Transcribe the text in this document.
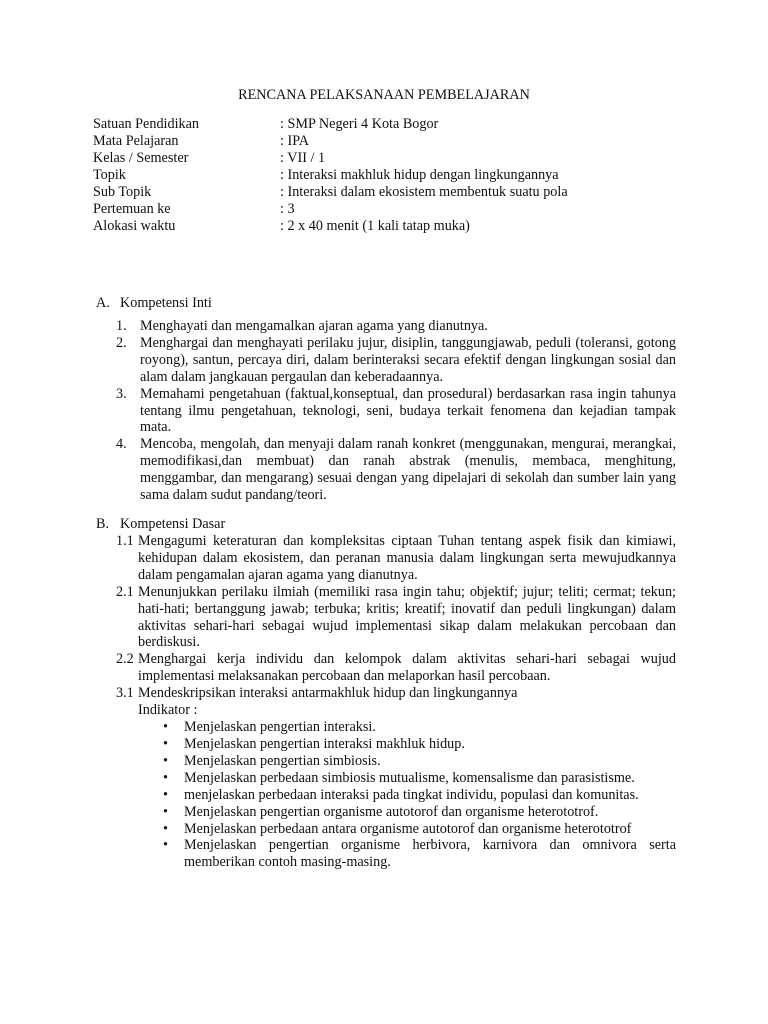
RENCANA PELAKSANAAN PEMBELAJARAN
Satuan Pendidikan	: SMP Negeri 4 Kota Bogor
Mata Pelajaran	: IPA
Kelas / Semester	: VII / 1
Topik	: Interaksi makhluk hidup dengan lingkungannya
Sub Topik	: Interaksi dalam ekosistem membentuk suatu pola
Pertemuan ke	: 3
Alokasi waktu	: 2 x 40 menit (1 kali tatap muka)
A. Kompetensi Inti
1. Menghayati dan mengamalkan ajaran agama yang dianutnya.
2. Menghargai dan menghayati perilaku jujur, disiplin, tanggungjawab, peduli (toleransi, gotong royong), santun, percaya diri, dalam berinteraksi secara efektif dengan lingkungan sosial dan alam dalam jangkauan pergaulan dan keberadaannya.
3. Memahami pengetahuan (faktual,konseptual, dan prosedural) berdasarkan rasa ingin tahunya tentang ilmu pengetahuan, teknologi, seni, budaya terkait fenomena dan kejadian tampak mata.
4. Mencoba, mengolah, dan menyaji dalam ranah konkret (menggunakan, mengurai, merangkai, memodifikasi,dan membuat) dan ranah abstrak (menulis, membaca, menghitung, menggambar, dan mengarang) sesuai dengan yang dipelajari di sekolah dan sumber lain yang sama dalam sudut pandang/teori.
B. Kompetensi Dasar
1.1 Mengagumi keteraturan dan kompleksitas ciptaan Tuhan tentang aspek fisik dan kimiawi, kehidupan dalam ekosistem, dan peranan manusia dalam lingkungan serta mewujudkannya dalam pengamalan ajaran agama yang dianutnya.
2.1 Menunjukkan perilaku ilmiah (memiliki rasa ingin tahu; objektif; jujur; teliti; cermat; tekun; hati-hati; bertanggung jawab; terbuka; kritis; kreatif; inovatif dan peduli lingkungan) dalam aktivitas sehari-hari sebagai wujud implementasi sikap dalam melakukan percobaan dan berdiskusi.
2.2 Menghargai kerja individu dan kelompok dalam aktivitas sehari-hari sebagai wujud implementasi melaksanakan percobaan dan melaporkan hasil percobaan.
3.1 Mendeskripsikan interaksi antarmakhluk hidup dan lingkungannya
Indikator :
• Menjelaskan pengertian interaksi.
• Menjelaskan pengertian interaksi makhluk hidup.
• Menjelaskan pengertian simbiosis.
• Menjelaskan perbedaan simbiosis mutualisme, komensalisme dan parasistisme.
• menjelaskan perbedaan interaksi pada tingkat individu, populasi dan komunitas.
• Menjelaskan pengertian organisme autotorof dan organisme heterototrof.
• Menjelaskan perbedaan antara organisme autotorof dan organisme heterototrof
• Menjelaskan pengertian organisme herbivora, karnivora dan omnivora serta memberikan contoh masing-masing.
